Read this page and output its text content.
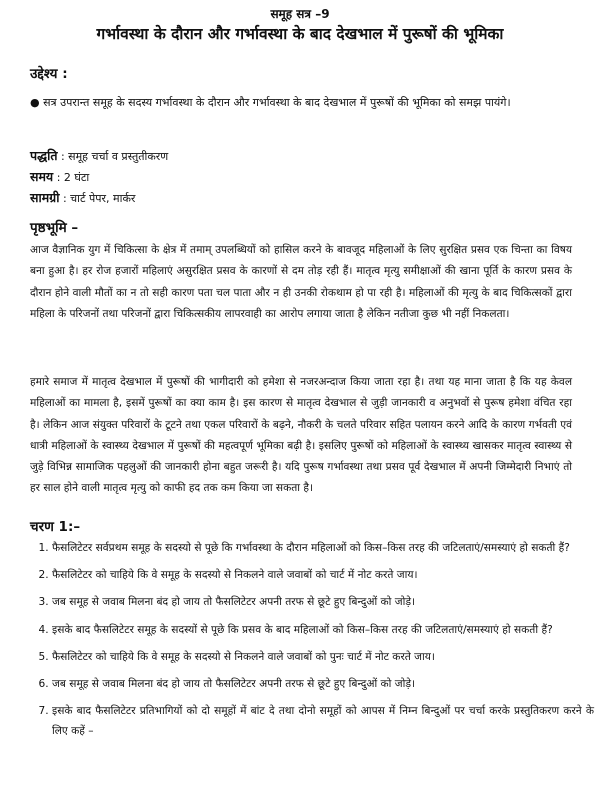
समूह सत्र –9
गर्भावस्था के दौरान और गर्भावस्था के बाद देखभाल में पुरूषों की भूमिका
उद्देश्य :

● सत्र उपरान्त समूह के सदस्य गर्भावस्था के दौरान और गर्भावस्था के बाद देखभाल में पुरूषों की भूमिका को समझ पायंगे।

पद्धति : समूह चर्चा व प्रस्तुतीकरण
समय : 2 घंटा
सामग्री : चार्ट पेपर, मार्कर
पृष्ठभूमि –

आज वैज्ञानिक युग में चिकित्सा के क्षेत्र में तमाम् उपलब्धियों को हासिल करने के बावजूद महिलाओं के लिए सुरक्षित प्रसव एक चिन्ता का विषय बना हुआ है। हर रोज हजारों महिलाएं असुरक्षित प्रसव के कारणों से दम तोड़ रही हैं। मातृत्व मृत्यु समीक्षाओं की खाना पूर्ति के कारण प्रसव के दौरान होने वाली मौतों का न तो सही कारण पता चल पाता और न ही उनकी रोकथाम हो पा रही है। महिलाओं की मृत्यु के बाद चिकित्सकों द्वारा महिला के परिजनों तथा परिजनों द्वारा चिकित्सकीय लापरवाही का आरोप लगाया जाता है लेकिन नतीजा कुछ भी नहीं निकलता।

हमारे समाज में मातृत्व देखभाल में पुरूषों की भागीदारी को हमेशा से नजरअन्दाज किया जाता रहा है। तथा यह माना जाता है कि यह केवल महिलाओं का मामला है, इसमें पुरूषों का क्या काम है। इस कारण से मातृत्व देखभाल से जुड़ी जानकारी व अनुभवों से पुरूष हमेशा वंचित रहा है। लेकिन आज संयुक्त परिवारों के टूटने तथा एकल परिवारों के बढ़ने, नौकरी के चलते परिवार सहित पलायन करने आदि के कारण गर्भवती एवं धात्री महिलाओं के स्वास्थ्य देखभाल में पुरूषों की महत्वपूर्ण भूमिका बढ़ी है। इसलिए पुरूषों को महिलाओं के स्वास्थ्य खासकर मातृत्व स्वास्थ्य से जुड़े विभिन्न सामाजिक पहलुओं की जानकारी होना बहुत जरूरी है। यदि पुरूष गर्भावस्था तथा प्रसव पूर्व देखभाल में अपनी जिम्मेदारी निभाएं तो हर साल होने वाली मातृत्व मृत्यु को काफी हद तक कम किया जा सकता है।

चरण 1:–
1. फैसलिटेटर सर्वप्रथम समूह के सदस्यो से पूछे कि गर्भावस्था के दौरान महिलाओं को किस–किस तरह की जटिलताएं/समस्याएं हो सकती हैं?
2. फैसलिटेटर को चाहिये कि वे समूह के सदस्यो से निकलने वाले जवाबों को चार्ट में नोट करते जाय।
3. जब समूह से जवाब मिलना बंद हो जाय तो फैसलिटेटर अपनी तरफ से छूटे हुए बिन्दुओं को जोड़े।
4. इसके बाद फैसलिटेटर समूह के सदस्यों से पूछे कि प्रसव के बाद महिलाओं को किस–किस तरह की जटिलताएं/समस्याएं हो सकती हैं?
5. फैसलिटेटर को चाहिये कि वे समूह के सदस्यो से निकलने वाले जवाबों को पुनः चार्ट में नोट करते जाय।
6. जब समूह से जवाब मिलना बंद हो जाय तो फैसलिटेटर अपनी तरफ से छूटे हुए बिन्दुओं को जोड़े।
7. इसके बाद फैसलिटेटर प्रतिभागियों को दो समूहों में बांट दे तथा दोनो समूहों को आपस में निम्न बिन्दुओं पर चर्चा करके प्रस्तुतिकरण करने के लिए कहें –
